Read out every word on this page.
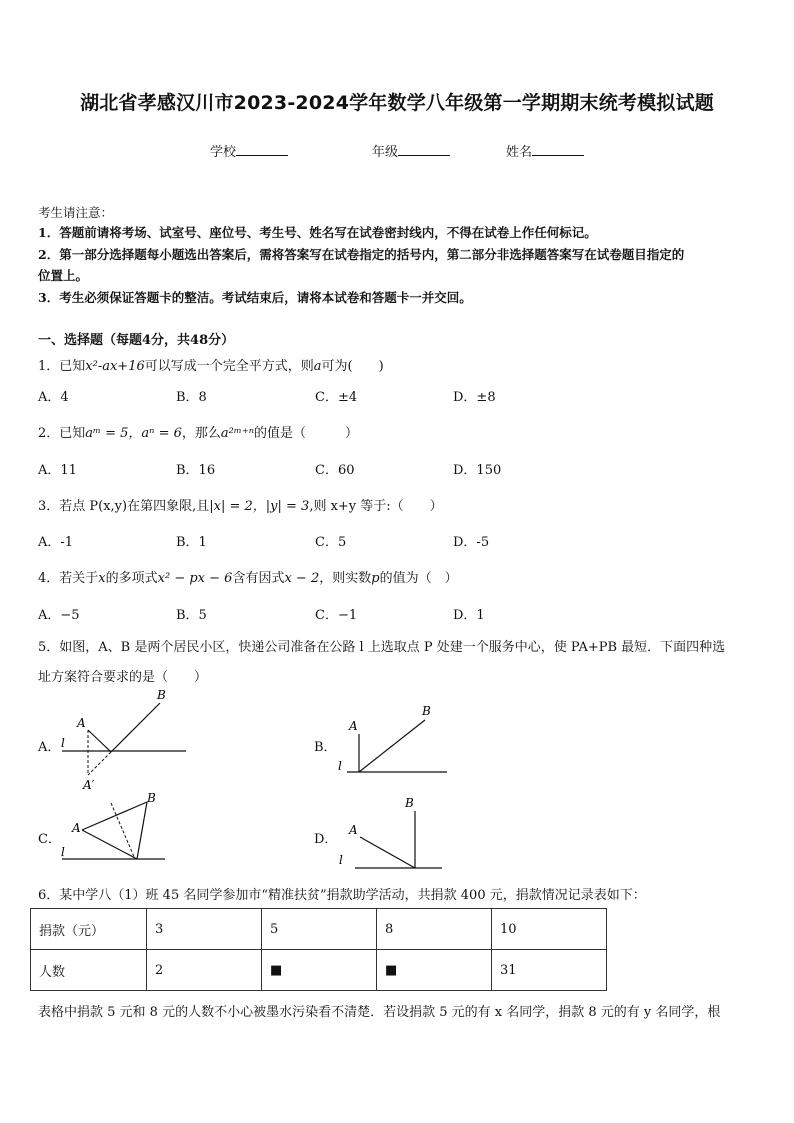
湖北省孝感汉川市2023-2024学年数学八年级第一学期期末统考模拟试题
学校	年级	姓名
考生请注意：
1．答题前请将考场、试室号、座位号、考生号、姓名写在试卷密封线内，不得在试卷上作任何标记。
2．第一部分选择题每小题选出答案后，需将答案写在试卷指定的括号内，第二部分非选择题答案写在试卷题目指定的
位置上。
3．考生必须保证答题卡的整洁。考试结束后，请将本试卷和答题卡一并交回。
一、选择题（每题4分，共48分）
1．已知x²-ax+16可以写成一个完全平方式，则a可为(　　)
A．4	B．8	C．±4	D．±8
2．已知aᵐ = 5，aⁿ = 6，那么a²ᵐ⁺ⁿ的值是（　　　）
A．11	B．16	C．60	D．150
3．若点 P(x,y)在第四象限,且|x| = 2，|y| = 3,则 x+y 等于:（　　）
A．-1	B．1	C．5	D．-5
4．若关于x的多项式x² − px − 6含有因式x − 2，则实数p的值为（　）
A．−5	B．5	C．−1	D．1
5．如图，A、B 是两个居民小区，快递公司准备在公路 l 上选取点 P 处建一个服务中心，使 PA+PB 最短．下面四种选
址方案符合要求的是（　　）
A．
A
B
l
A′
B．
A
B
l
C．
A
B
l
D．
A
B
l
6．某中学八（1）班 45 名同学参加市“精准扶贫”捐款助学活动，共捐款 400 元，捐款情况记录表如下：
捐款（元）	3	5	8	10
人数	2	■	■	31
表格中捐款 5 元和 8 元的人数不小心被墨水污染看不清楚．若设捐款 5 元的有 x 名同学，捐款 8 元的有 y 名同学，根
